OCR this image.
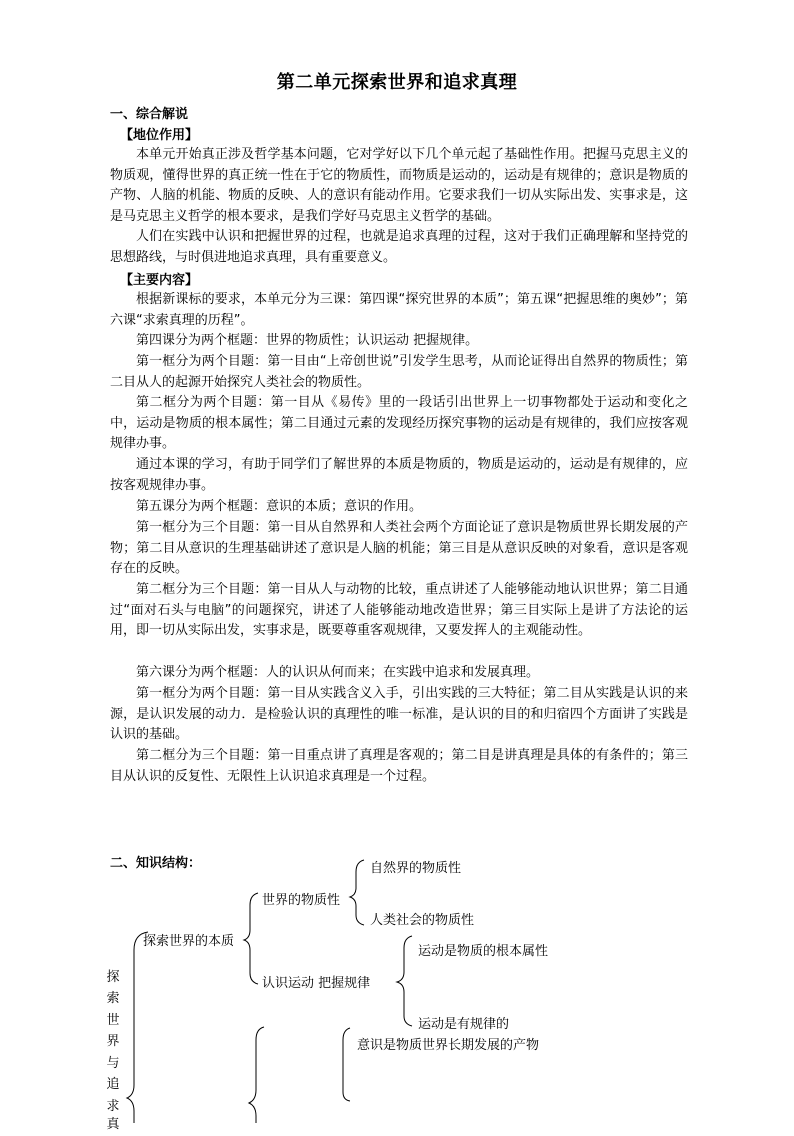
第二单元探索世界和追求真理
一、综合解说
【地位作用】
本单元开始真正涉及哲学基本问题，它对学好以下几个单元起了基础性作用。把握马克思主义的物质观，懂得世界的真正统一性在于它的物质性，而物质是运动的，运动是有规律的；意识是物质的产物、人脑的机能、物质的反映、人的意识有能动作用。它要求我们一切从实际出发、实事求是，这是马克思主义哲学的根本要求，是我们学好马克思主义哲学的基础。
人们在实践中认识和把握世界的过程，也就是追求真理的过程，这对于我们正确理解和坚持党的思想路线，与时俱进地追求真理，具有重要意义。
【主要内容】
根据新课标的要求，本单元分为三课：第四课“探究世界的本质”；第五课“把握思维的奥妙”；第六课“求索真理的历程”。
第四课分为两个框题：世界的物质性；认识运动 把握规律。
第一框分为两个目题：第一目由“上帝创世说”引发学生思考，从而论证得出自然界的物质性；第二目从人的起源开始探究人类社会的物质性。
第二框分为两个目题：第一目从《易传》里的一段话引出世界上一切事物都处于运动和变化之中，运动是物质的根本属性；第二目通过元素的发现经历探究事物的运动是有规律的，我们应按客观规律办事。
通过本课的学习，有助于同学们了解世界的本质是物质的，物质是运动的，运动是有规律的，应按客观规律办事。
第五课分为两个框题：意识的本质；意识的作用。
第一框分为三个目题：第一目从自然界和人类社会两个方面论证了意识是物质世界长期发展的产物；第二目从意识的生理基础讲述了意识是人脑的机能；第三目是从意识反映的对象看，意识是客观存在的反映。
第二框分为三个目题：第一目从人与动物的比较，重点讲述了人能够能动地认识世界；第二目通过“面对石头与电脑”的问题探究，讲述了人能够能动地改造世界；第三目实际上是讲了方法论的运用，即一切从实际出发，实事求是，既要尊重客观规律，又要发挥人的主观能动性。
第六课分为两个框题：人的认识从何而来；在实践中追求和发展真理。
第一框分为两个目题：第一目从实践含义入手，引出实践的三大特征；第二目从实践是认识的来源，是认识发展的动力．是检验认识的真理性的唯一标准，是认识的目的和归宿四个方面讲了实践是认识的基础。
第二框分为三个目题：第一目重点讲了真理是客观的；第二目是讲真理是具体的有条件的；第三目从认识的反复性、无限性上认识追求真理是一个过程。
二、知识结构：
探
索
世
界
与
追
求
真
探索世界的本质
世界的物质性
自然界的物质性
人类社会的物质性
认识运动 把握规律
运动是物质的根本属性
运动是有规律的
意识是物质世界长期发展的产物
